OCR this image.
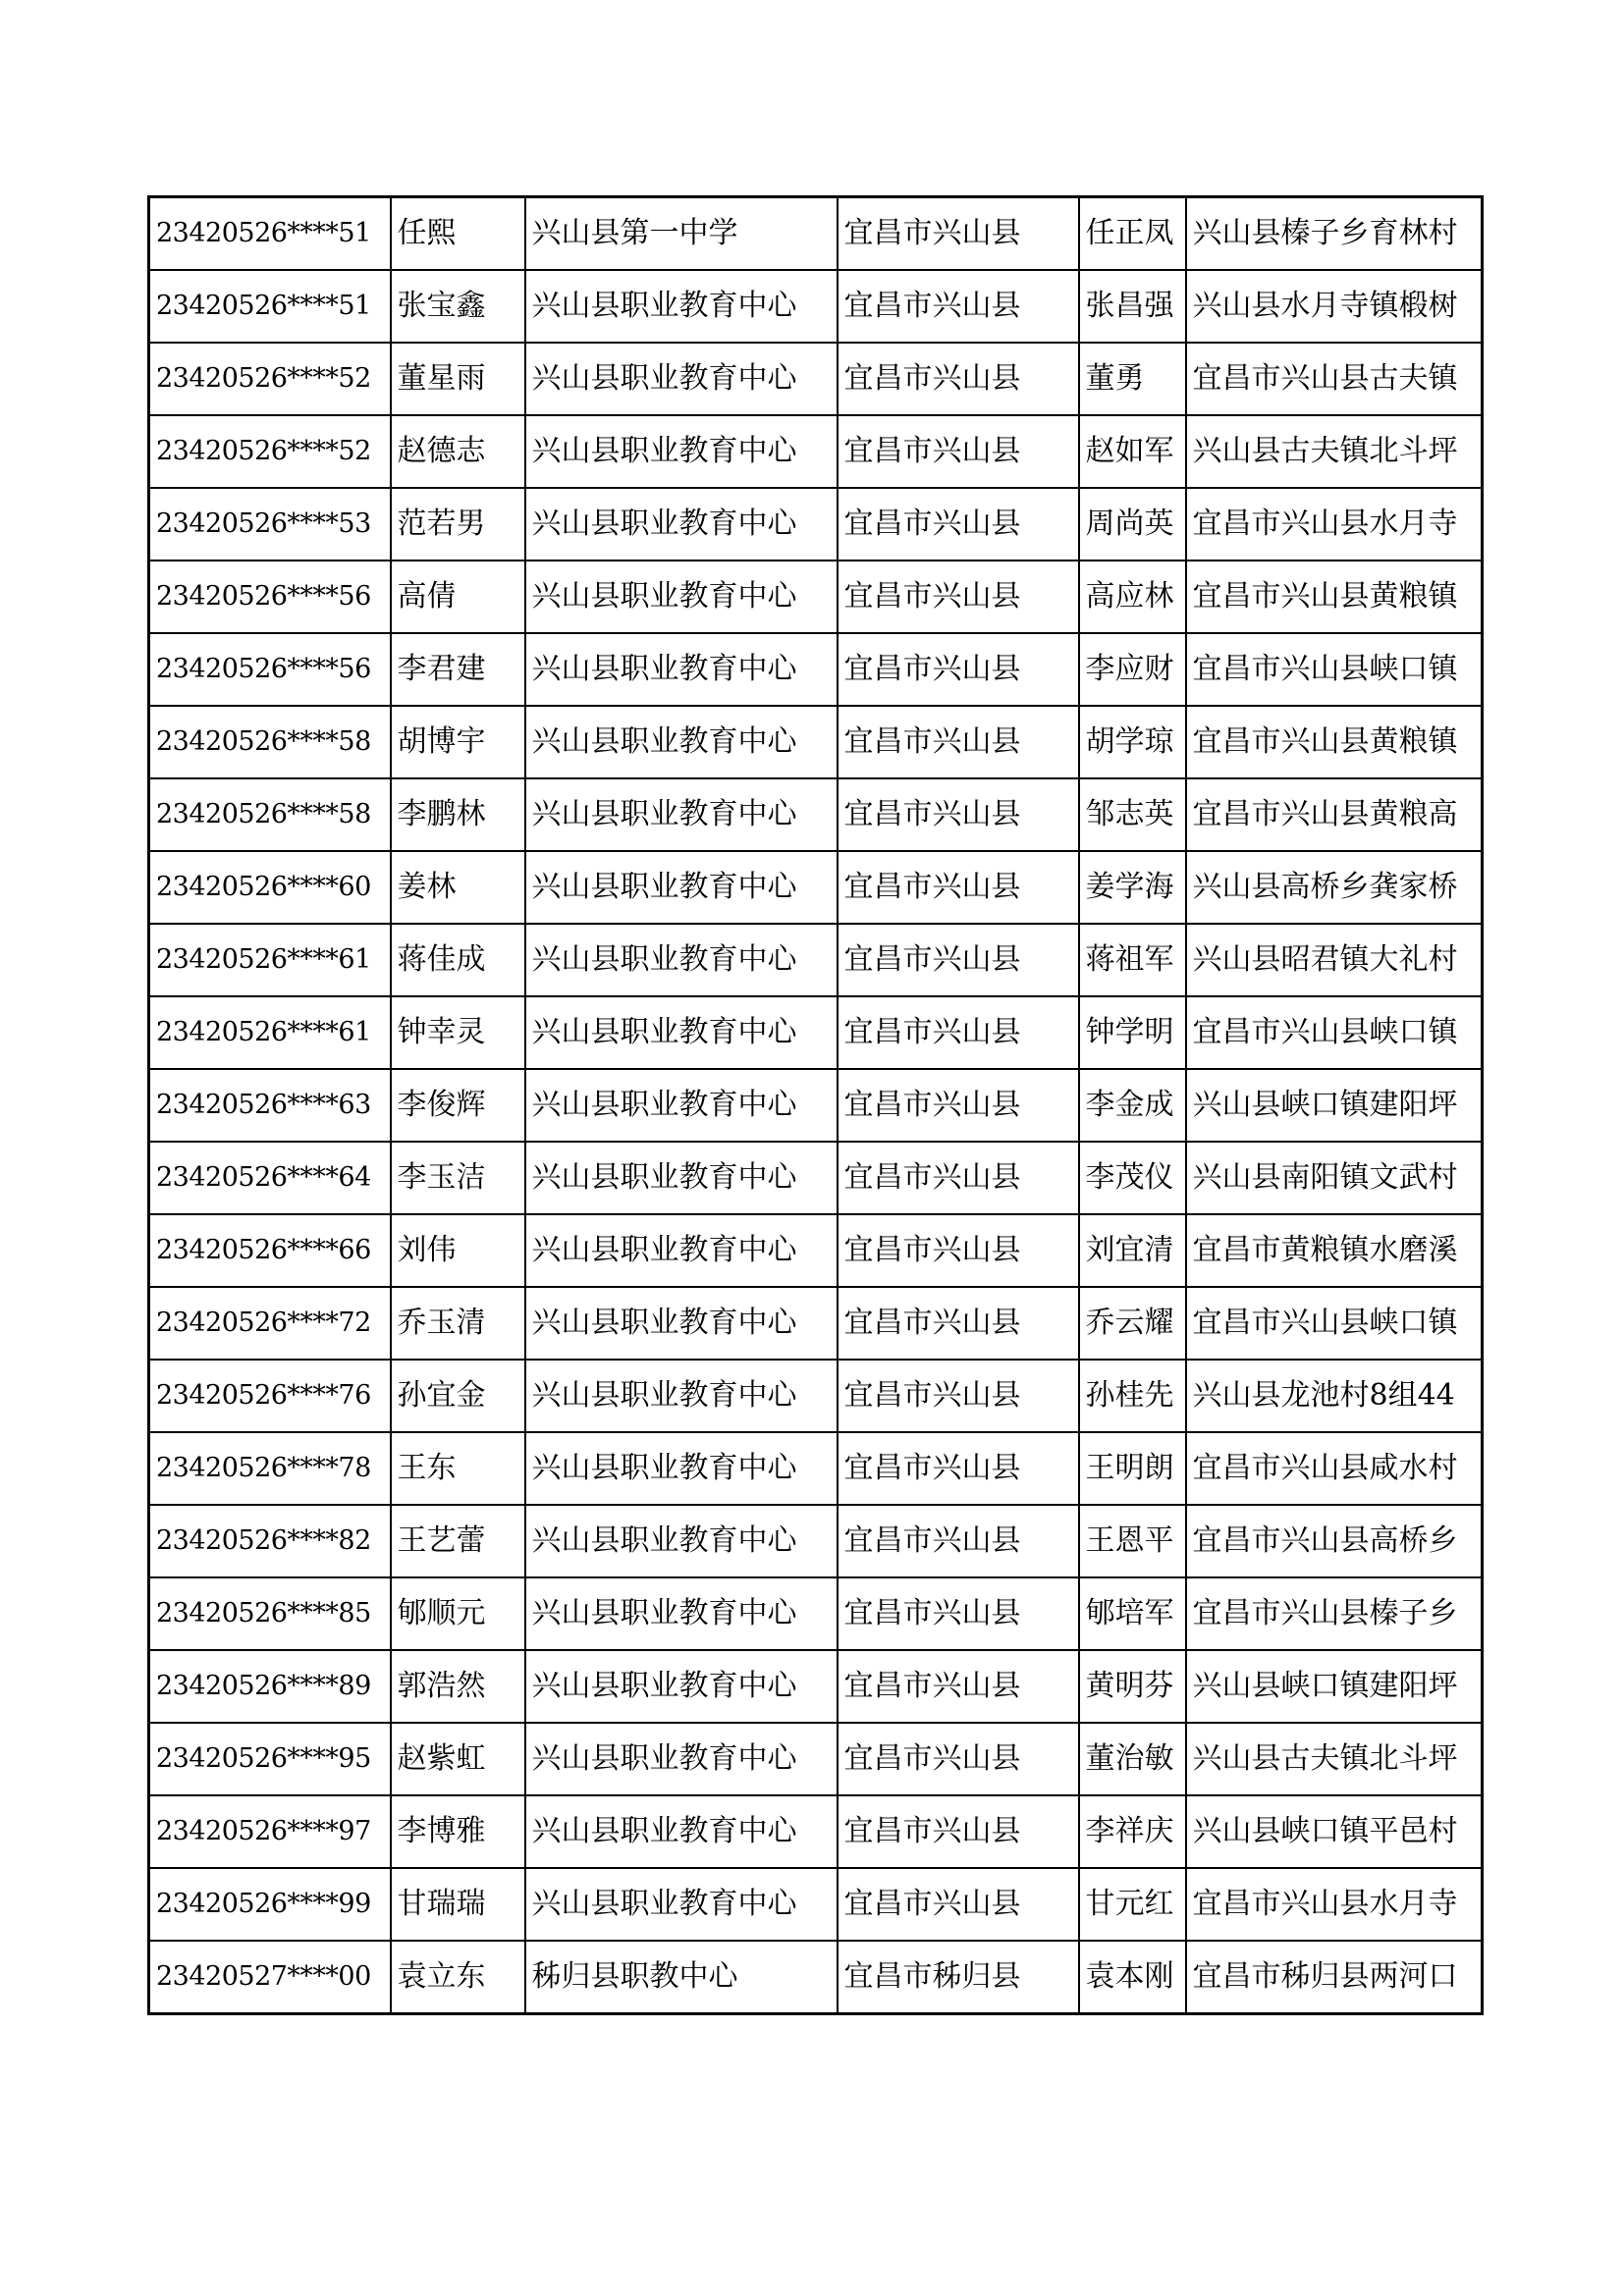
23420526****51	任熙	兴山县第一中学	宜昌市兴山县	任正凤	兴山县榛子乡育林村
23420526****51	张宝鑫	兴山县职业教育中心	宜昌市兴山县	张昌强	兴山县水月寺镇椴树
23420526****52	董星雨	兴山县职业教育中心	宜昌市兴山县	董勇	宜昌市兴山县古夫镇
23420526****52	赵德志	兴山县职业教育中心	宜昌市兴山县	赵如军	兴山县古夫镇北斗坪
23420526****53	范若男	兴山县职业教育中心	宜昌市兴山县	周尚英	宜昌市兴山县水月寺
23420526****56	高倩	兴山县职业教育中心	宜昌市兴山县	高应林	宜昌市兴山县黄粮镇
23420526****56	李君建	兴山县职业教育中心	宜昌市兴山县	李应财	宜昌市兴山县峡口镇
23420526****58	胡博宇	兴山县职业教育中心	宜昌市兴山县	胡学琼	宜昌市兴山县黄粮镇
23420526****58	李鹏林	兴山县职业教育中心	宜昌市兴山县	邹志英	宜昌市兴山县黄粮高
23420526****60	姜林	兴山县职业教育中心	宜昌市兴山县	姜学海	兴山县高桥乡龚家桥
23420526****61	蒋佳成	兴山县职业教育中心	宜昌市兴山县	蒋祖军	兴山县昭君镇大礼村
23420526****61	钟幸灵	兴山县职业教育中心	宜昌市兴山县	钟学明	宜昌市兴山县峡口镇
23420526****63	李俊辉	兴山县职业教育中心	宜昌市兴山县	李金成	兴山县峡口镇建阳坪
23420526****64	李玉洁	兴山县职业教育中心	宜昌市兴山县	李茂仪	兴山县南阳镇文武村
23420526****66	刘伟	兴山县职业教育中心	宜昌市兴山县	刘宜清	宜昌市黄粮镇水磨溪
23420526****72	乔玉清	兴山县职业教育中心	宜昌市兴山县	乔云耀	宜昌市兴山县峡口镇
23420526****76	孙宜金	兴山县职业教育中心	宜昌市兴山县	孙桂先	兴山县龙池村8组44
23420526****78	王东	兴山县职业教育中心	宜昌市兴山县	王明朗	宜昌市兴山县咸水村
23420526****82	王艺蕾	兴山县职业教育中心	宜昌市兴山县	王恩平	宜昌市兴山县高桥乡
23420526****85	郇顺元	兴山县职业教育中心	宜昌市兴山县	郇培军	宜昌市兴山县榛子乡
23420526****89	郭浩然	兴山县职业教育中心	宜昌市兴山县	黄明芬	兴山县峡口镇建阳坪
23420526****95	赵紫虹	兴山县职业教育中心	宜昌市兴山县	董治敏	兴山县古夫镇北斗坪
23420526****97	李博雅	兴山县职业教育中心	宜昌市兴山县	李祥庆	兴山县峡口镇平邑村
23420526****99	甘瑞瑞	兴山县职业教育中心	宜昌市兴山县	甘元红	宜昌市兴山县水月寺
23420527****00	袁立东	秭归县职教中心	宜昌市秭归县	袁本刚	宜昌市秭归县两河口
